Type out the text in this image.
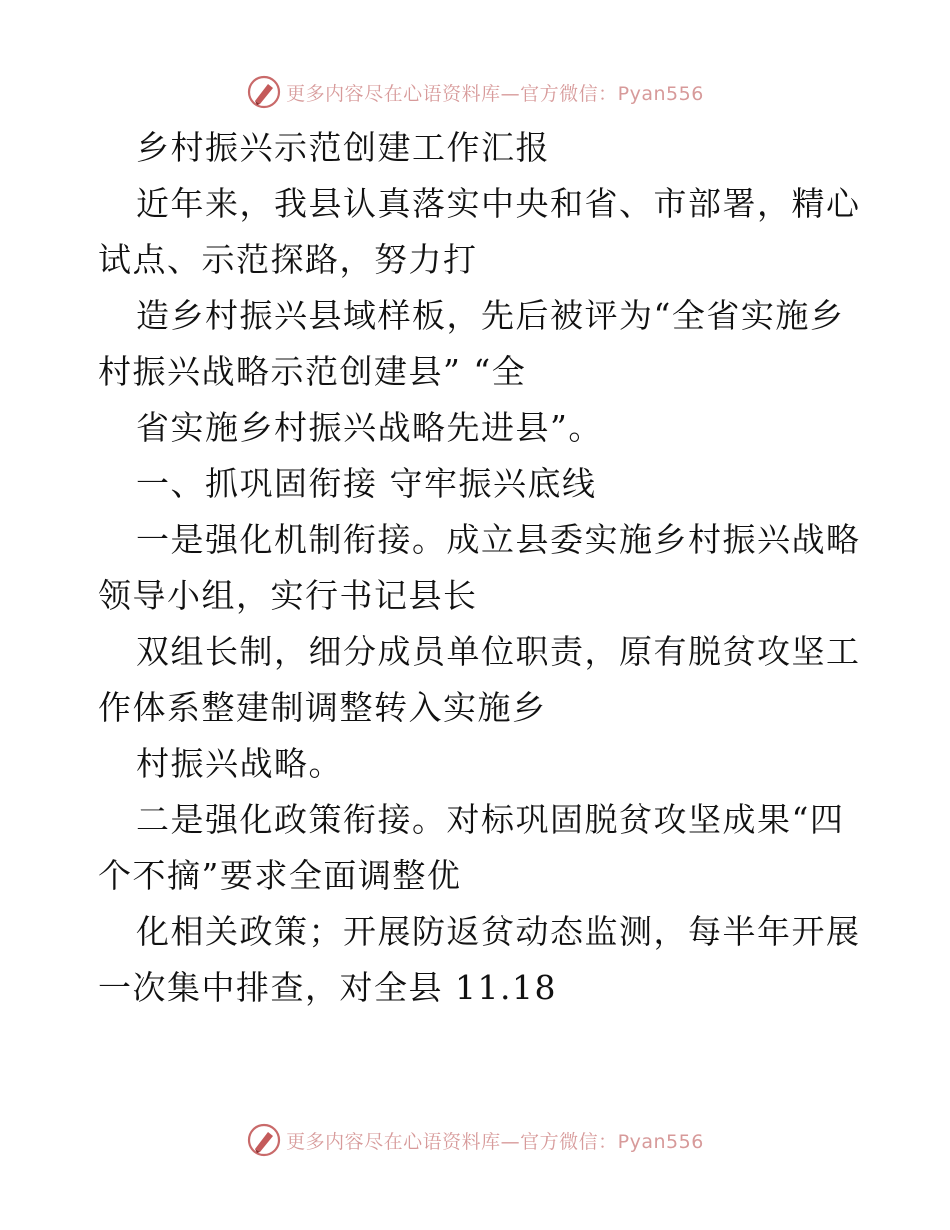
更多内容尽在心语资料库—官方微信：Pyan556
乡村振兴示范创建工作汇报
近年来，我县认真落实中央和省、市部署，精心
试点、示范探路，努力打
造乡村振兴县域样板，先后被评为“全省实施乡
村振兴战略示范创建县” “全
省实施乡村振兴战略先进县”。
一、抓巩固衔接 守牢振兴底线
一是强化机制衔接。成立县委实施乡村振兴战略
领导小组，实行书记县长
双组长制，细分成员单位职责，原有脱贫攻坚工
作体系整建制调整转入实施乡
村振兴战略。
二是强化政策衔接。对标巩固脱贫攻坚成果“四
个不摘”要求全面调整优
化相关政策；开展防返贫动态监测，每半年开展
一次集中排查，对全县 11.18
更多内容尽在心语资料库—官方微信：Pyan556
